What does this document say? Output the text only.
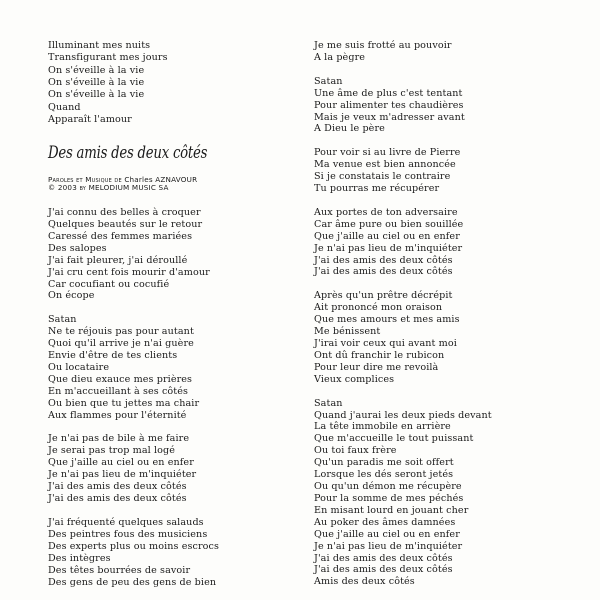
Illuminant mes nuits
Transfigurant mes jours
On s'éveille à la vie
On s'éveille à la vie
On s'éveille à la vie
Quand
Apparaît l'amour
Des amis des deux côtés
Paroles et Musique de Charles AZNAVOUR
© 2003 by MELODIUM MUSIC SA
J'ai connu des belles à croquer
Quelques beautés sur le retour
Caressé des femmes mariées
Des salopes
J'ai fait pleurer, j'ai déroullé
J'ai cru cent fois mourir d'amour
Car cocufiant ou cocufié
On écope
Satan
Ne te réjouis pas pour autant
Quoi qu'il arrive je n'ai guère
Envie d'être de tes clients
Ou locataire
Que dieu exauce mes prières
En m'accueillant à ses côtés
Ou bien que tu jettes ma chair
Aux flammes pour l'éternité
Je n'ai pas de bile à me faire
Je serai pas trop mal logé
Que j'aille au ciel ou en enfer
Je n'ai pas lieu de m'inquiéter
J'ai des amis des deux côtés
J'ai des amis des deux côtés
J'ai fréquenté quelques salauds
Des peintres fous des musiciens
Des experts plus ou moins escrocs
Des intègres
Des têtes bourrées de savoir
Des gens de peu des gens de bien
Je me suis frotté au pouvoir
A la pègre
Satan
Une âme de plus c'est tentant
Pour alimenter tes chaudières
Mais je veux m'adresser avant
A Dieu le père
Pour voir si au livre de Pierre
Ma venue est bien annoncée
Si je constatais le contraire
Tu pourras me récupérer
Aux portes de ton adversaire
Car âme pure ou bien souillée
Que j'aille au ciel ou en enfer
Je n'ai pas lieu de m'inquiéter
J'ai des amis des deux côtés
J'ai des amis des deux côtés
Après qu'un prêtre décrépit
Ait prononcé mon oraison
Que mes amours et mes amis
Me bénissent
J'irai voir ceux qui avant moi
Ont dû franchir le rubicon
Pour leur dire me revoilà
Vieux complices
Satan
Quand j'aurai les deux pieds devant
La tête immobile en arrière
Que m'accueille le tout puissant
Ou toi faux frère
Qu'un paradis me soit offert
Lorsque les dés seront jetés
Ou qu'un démon me récupère
Pour la somme de mes péchés
En misant lourd en jouant cher
Au poker des âmes damnées
Que j'aille au ciel ou en enfer
Je n'ai pas lieu de m'inquiéter
J'ai des amis des deux côtés
J'ai des amis des deux côtés
Amis des deux côtés
